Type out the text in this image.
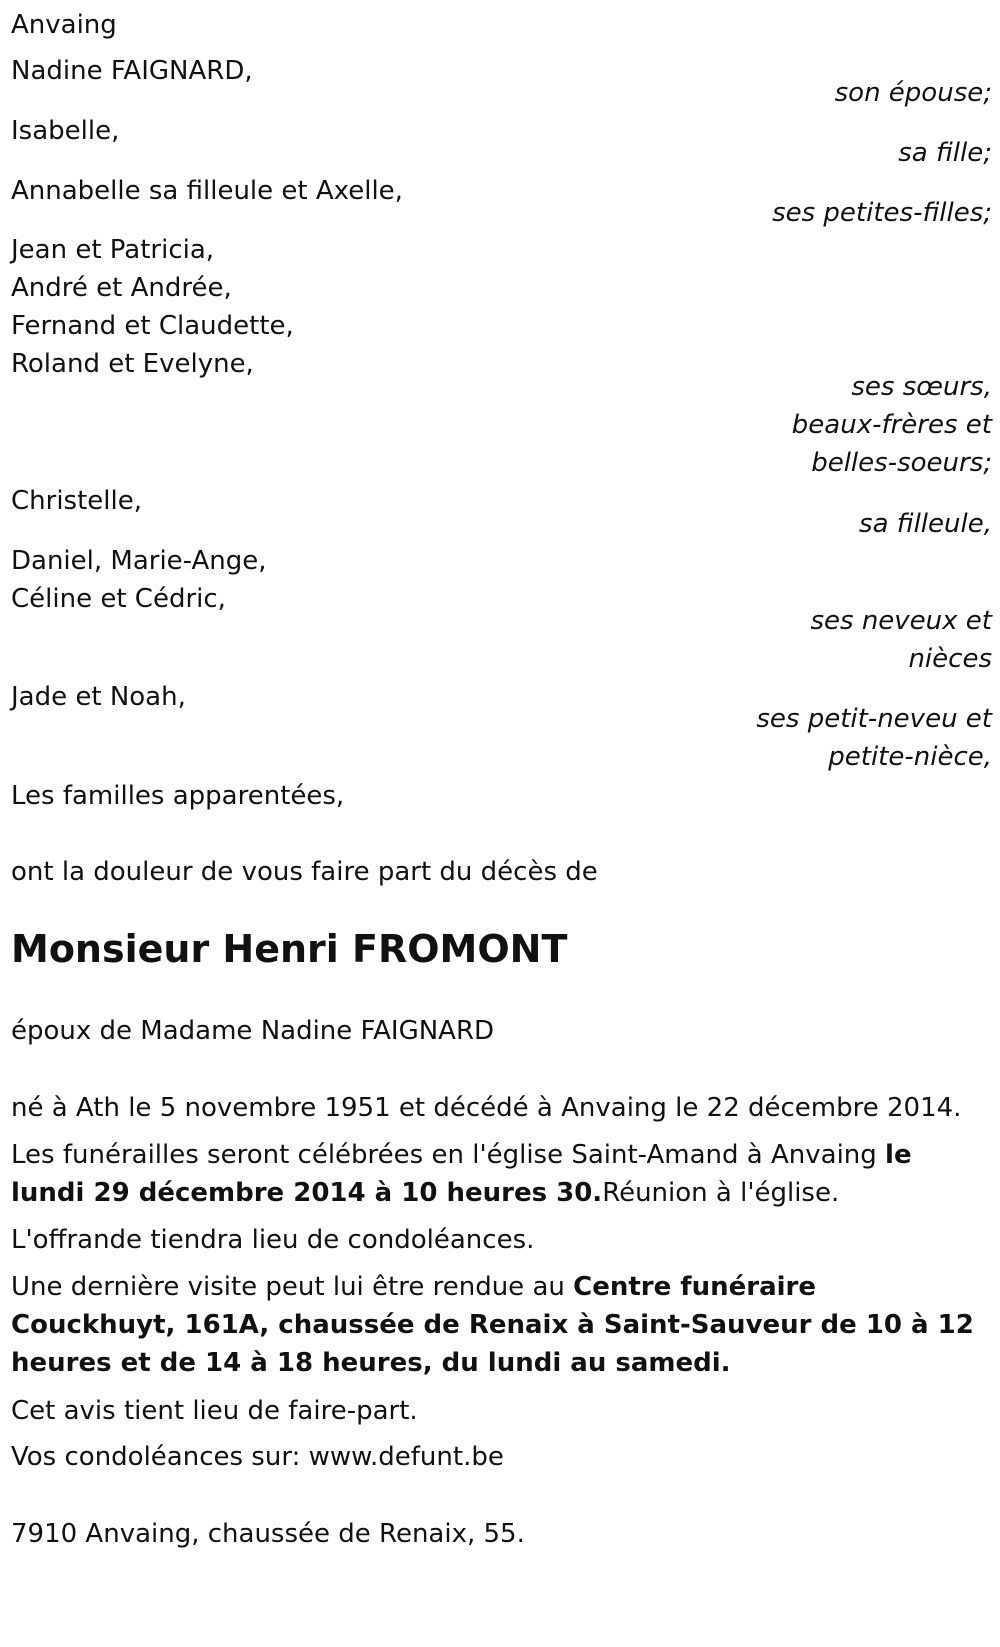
Anvaing
Nadine FAIGNARD,
son épouse;
Isabelle,
sa fille;
Annabelle sa filleule et Axelle,
ses petites-filles;
Jean et Patricia,
André et Andrée,
Fernand et Claudette,
Roland et Evelyne,
ses sœurs, beaux-frères et belles-soeurs;
Christelle,
sa filleule,
Daniel, Marie-Ange,
Céline et Cédric,
ses neveux et nièces
Jade et Noah,
ses petit-neveu et petite-nièce,
Les familles apparentées,
ont la douleur de vous faire part du décès de
Monsieur Henri FROMONT
époux de Madame Nadine FAIGNARD
né à Ath le 5 novembre 1951 et décédé à Anvaing le 22 décembre 2014.
Les funérailles seront célébrées en l'église Saint-Amand à Anvaing le lundi 29 décembre 2014 à 10 heures 30.Réunion à l'église.
L'offrande tiendra lieu de condoléances.
Une dernière visite peut lui être rendue au Centre funéraire Couckhuyt, 161A, chaussée de Renaix à Saint-Sauveur de 10 à 12 heures et de 14 à 18 heures, du lundi au samedi.
Cet avis tient lieu de faire-part.
Vos condoléances sur: www.defunt.be
7910 Anvaing, chaussée de Renaix, 55.
